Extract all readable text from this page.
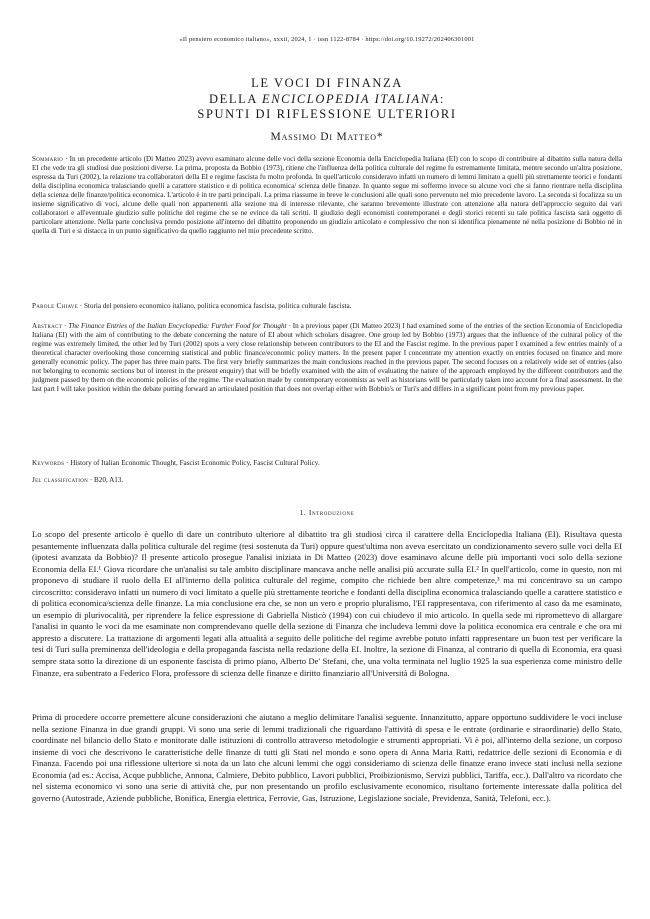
«Il pensiero economico italiano», xxxii, 2024, 1 · issn 1122-8784 · https://doi.org/10.19272/202406301001
LE VOCI DI FINANZA
DELLA ENCICLOPEDIA ITALIANA:
SPUNTI DI RIFLESSIONE ULTERIORI
Massimo Di Matteo*
Sommario · In un precedente articolo (Di Matteo 2023) avevo esaminato alcune delle voci della sezione Economia della Enciclopedia Italiana (EI) con lo scopo di contribuire al dibattito sulla natura della EI che vede tra gli studiosi due posizioni diverse. La prima, proposta da Bobbio (1973), ritiene che l'influenza della politica culturale del regime fu estremamente limitata, mentre secondo un'altra posizione, espressa da Turi (2002), la relazione tra collaboratori della EI e regime fascista fu molto profonda. In quell'articolo consideravo infatti un numero di lemmi limitato a quelli più strettamente teorici e fondanti della disciplina economica tralasciando quelli a carattere statistico e di politica economica/ scienza delle finanze. In quanto segue mi soffermo invece su alcune voci che si fanno rientrare nella disciplina della scienza delle finanze/politica economica. L'articolo è in tre parti principali. La prima riassume in breve le conclusioni alle quali sono pervenuto nel mio precedente lavoro. La seconda si focalizza su un insieme significativo di voci, alcune delle quali non appartenenti alla sezione ma di interesse rilevante, che saranno brevemente illustrate con attenzione alla natura dell'approccio seguito dai vari collaboratori e all'eventuale giudizio sulle politiche del regime che se ne evince da tali scritti. Il giudizio degli economisti contemporanei e degli storici recenti su tale politica fascista sarà oggetto di particolare attenzione. Nella parte conclusiva prendo posizione all'interno del dibattito proponendo un giudizio articolato e complessivo che non si identifica pienamente né nella posizione di Bobbio né in quella di Turi e si distacca in un punto significativo da quello raggiunto nel mio precedente scritto.
Parole Chiave · Storia del pensiero economico italiano, politica economica fascista, politica culturale fascista.
Abstract · The Finance Entries of the Italian Encyclopedia: Further Food for Thought · In a previous paper (Di Matteo 2023) I had examined some of the entries of the section Economia of Enciclopedia Italiana (EI) with the aim of contributing to the debate concerning the nature of EI about which scholars disagree. One group led by Bobbio (1973) argues that the influence of the cultural policy of the regime was extremely limited, the other led by Turi (2002) spots a very close relationship between contributors to the EI and the Fascist regime. In the previous paper I examined a few entries mainly of a theoretical character overlooking those concerning statistical and public finance/economic policy matters. In the present paper I concentrate my attention exactly on entries focused on finance and more generally economic policy. The paper has three main parts. The first very briefly summarizes the main conclusions reached in the previous paper. The second focuses on a relatively wide set of entries (also not belonging to economic sections but of interest in the present enquiry) that will be briefly examined with the aim of evaluating the nature of the approach employed by the different contributors and the judgment passed by them on the economic policies of the regime. The evaluation made by contemporary economists as well as historians will be particularly taken into account for a final assessment. In the last part I will take position within the debate putting forward an articulated position that does not overlap either with Bobbio's or Turi's and differs in a significant point from my previous paper.
Keywords · History of Italian Economic Thought, Fascist Economic Policy, Fascist Cultural Policy.
Jel classification · B20, A13.
1. Introduzione

Lo scopo del presente articolo è quello di dare un contributo ulteriore al dibattito tra gli studiosi circa il carattere della Enciclopedia Italiana (EI). Risultava questa pesantemente influenzata dalla politica culturale del regime (tesi sostenuta da Turi) oppure quest'ultima non aveva esercitato un condizionamento severo sulle voci della EI (ipotesi avanzata da Bobbio)? Il presente articolo prosegue l'analisi iniziata in Di Matteo (2023) dove esaminavo alcune delle più importanti voci solo della sezione Economia della EI.¹ Giova ricordare che un'analisi su tale ambito disciplinare mancava anche nelle analisi più accurate sulla EI.² In quell'articolo, come in questo, non mi proponevo di studiare il ruolo della EI all'interno della politica culturale del regime, compito che richiede ben altre competenze,³ ma mi concentravo su un campo circoscritto: consideravo infatti un numero di voci limitato a quelle più strettamente teoriche e fondanti della disciplina economica tralasciando quelle a carattere statistico e di politica economica/scienza delle finanze. La mia conclusione era che, se non un vero e proprio pluralismo, l'EI rappresentava, con riferimento al caso da me esaminato, un esempio di plurivocalità, per riprendere la felice espressione di Gabriella Nisticò (1994) con cui chiudevo il mio articolo. In quella sede mi ripromettevo di allargare l'analisi in quanto le voci da me esaminate non comprendevano quelle della sezione di Finanza che includeva lemmi dove la politica economica era centrale e che ora mi appresto a discutere. La trattazione di argomenti legati alla attualità a seguito delle politiche del regime avrebbe potuto infatti rappresentare un buon test per verificare la tesi di Turi sulla preminenza dell'ideologia e della propaganda fascista nella redazione della EI. Inoltre, la sezione di Finanza, al contrario di quella di Economia, era quasi sempre stata sotto la direzione di un esponente fascista di primo piano, Alberto De' Stefani, che, una volta terminata nel luglio 1925 la sua esperienza come ministro delle Finanze, era subentrato a Federico Flora, professore di scienza delle finanze e diritto finanziario all'Università di Bologna.

Prima di procedere occorre premettere alcune considerazioni che aiutano a meglio delimitare l'analisi seguente. Innanzitutto, appare opportuno suddividere le voci incluse nella sezione Finanza in due grandi gruppi. Vi sono una serie di lemmi tradizionali che riguardano l'attività di spesa e le entrate (ordinarie e straordinarie) dello Stato, coordinate nel bilancio dello Stato e monitorate dalle istituzioni di controllo attraverso metodologie e strumenti appropriati. Vi è poi, all'interno della sezione, un corposo insieme di voci che descrivono le caratteristiche delle finanze di tutti gli Stati nel mondo e sono opera di Anna Maria Ratti, redattrice delle sezioni di Economia e di Finanza. Facendo poi una riflessione ulteriore si nota da un lato che alcuni lemmi che oggi consideriamo di scienza delle finanze erano invece stati inclusi nella sezione Economia (ad es.: Accisa, Acque pubbliche, Annona, Calmiere, Debito pubblico, Lavori pubblici, Proibizionismo, Servizi pubblici, Tariffa, ecc.). Dall'altro va ricordato che nel sistema economico vi sono una serie di attività che, pur non presentando un profilo esclusivamente economico, risultano fortemente interessate dalla politica del governo (Autostrade, Aziende pubbliche, Bonifica, Energia elettrica, Ferrovie, Gas, Istruzione, Legislazione sociale, Previdenza, Sanità, Telefoni, ecc.).
